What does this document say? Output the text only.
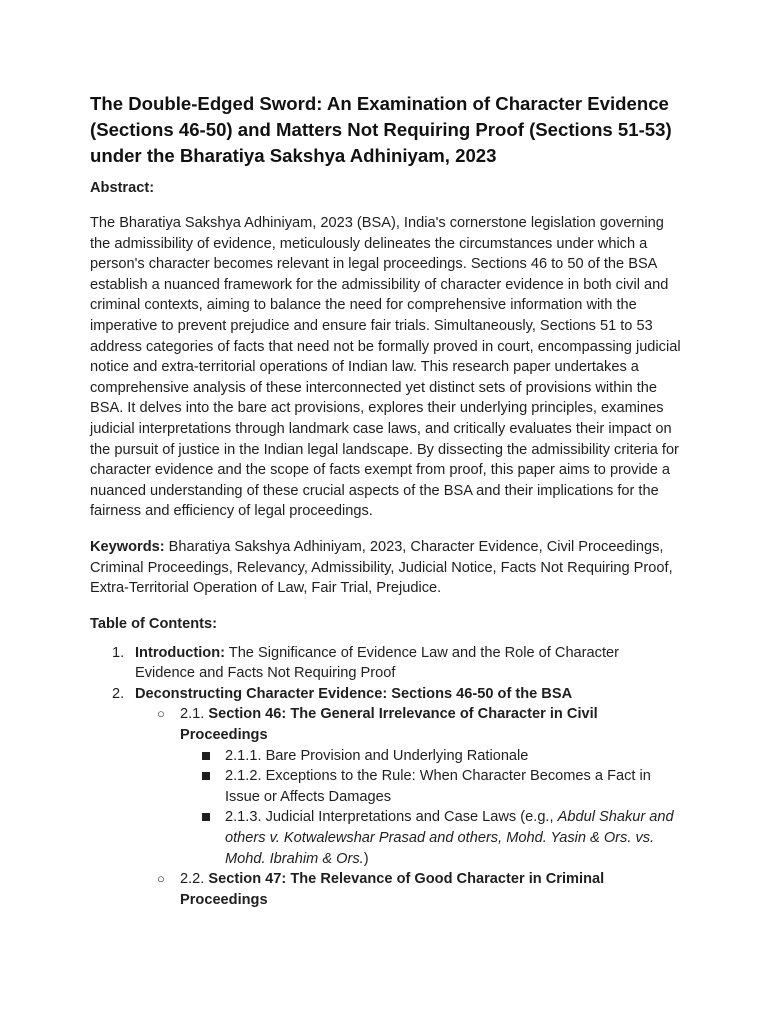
The Double-Edged Sword: An Examination of Character Evidence (Sections 46-50) and Matters Not Requiring Proof (Sections 51-53) under the Bharatiya Sakshya Adhiniyam, 2023
Abstract:

The Bharatiya Sakshya Adhiniyam, 2023 (BSA), India's cornerstone legislation governing the admissibility of evidence, meticulously delineates the circumstances under which a person's character becomes relevant in legal proceedings. Sections 46 to 50 of the BSA establish a nuanced framework for the admissibility of character evidence in both civil and criminal contexts, aiming to balance the need for comprehensive information with the imperative to prevent prejudice and ensure fair trials. Simultaneously, Sections 51 to 53 address categories of facts that need not be formally proved in court, encompassing judicial notice and extra-territorial operations of Indian law. This research paper undertakes a comprehensive analysis of these interconnected yet distinct sets of provisions within the BSA. It delves into the bare act provisions, explores their underlying principles, examines judicial interpretations through landmark case laws, and critically evaluates their impact on the pursuit of justice in the Indian legal landscape. By dissecting the admissibility criteria for character evidence and the scope of facts exempt from proof, this paper aims to provide a nuanced understanding of these crucial aspects of the BSA and their implications for the fairness and efficiency of legal proceedings.

Keywords: Bharatiya Sakshya Adhiniyam, 2023, Character Evidence, Civil Proceedings, Criminal Proceedings, Relevancy, Admissibility, Judicial Notice, Facts Not Requiring Proof, Extra-Territorial Operation of Law, Fair Trial, Prejudice.

Table of Contents:
1. Introduction: The Significance of Evidence Law and the Role of Character Evidence and Facts Not Requiring Proof
2. Deconstructing Character Evidence: Sections 46-50 of the BSA
○ 2.1. Section 46: The General Irrelevance of Character in Civil Proceedings
2.1.1. Bare Provision and Underlying Rationale
2.1.2. Exceptions to the Rule: When Character Becomes a Fact in Issue or Affects Damages
2.1.3. Judicial Interpretations and Case Laws (e.g., Abdul Shakur and others v. Kotwalewshar Prasad and others, Mohd. Yasin & Ors. vs. Mohd. Ibrahim & Ors.)
○ 2.2. Section 47: The Relevance of Good Character in Criminal Proceedings
